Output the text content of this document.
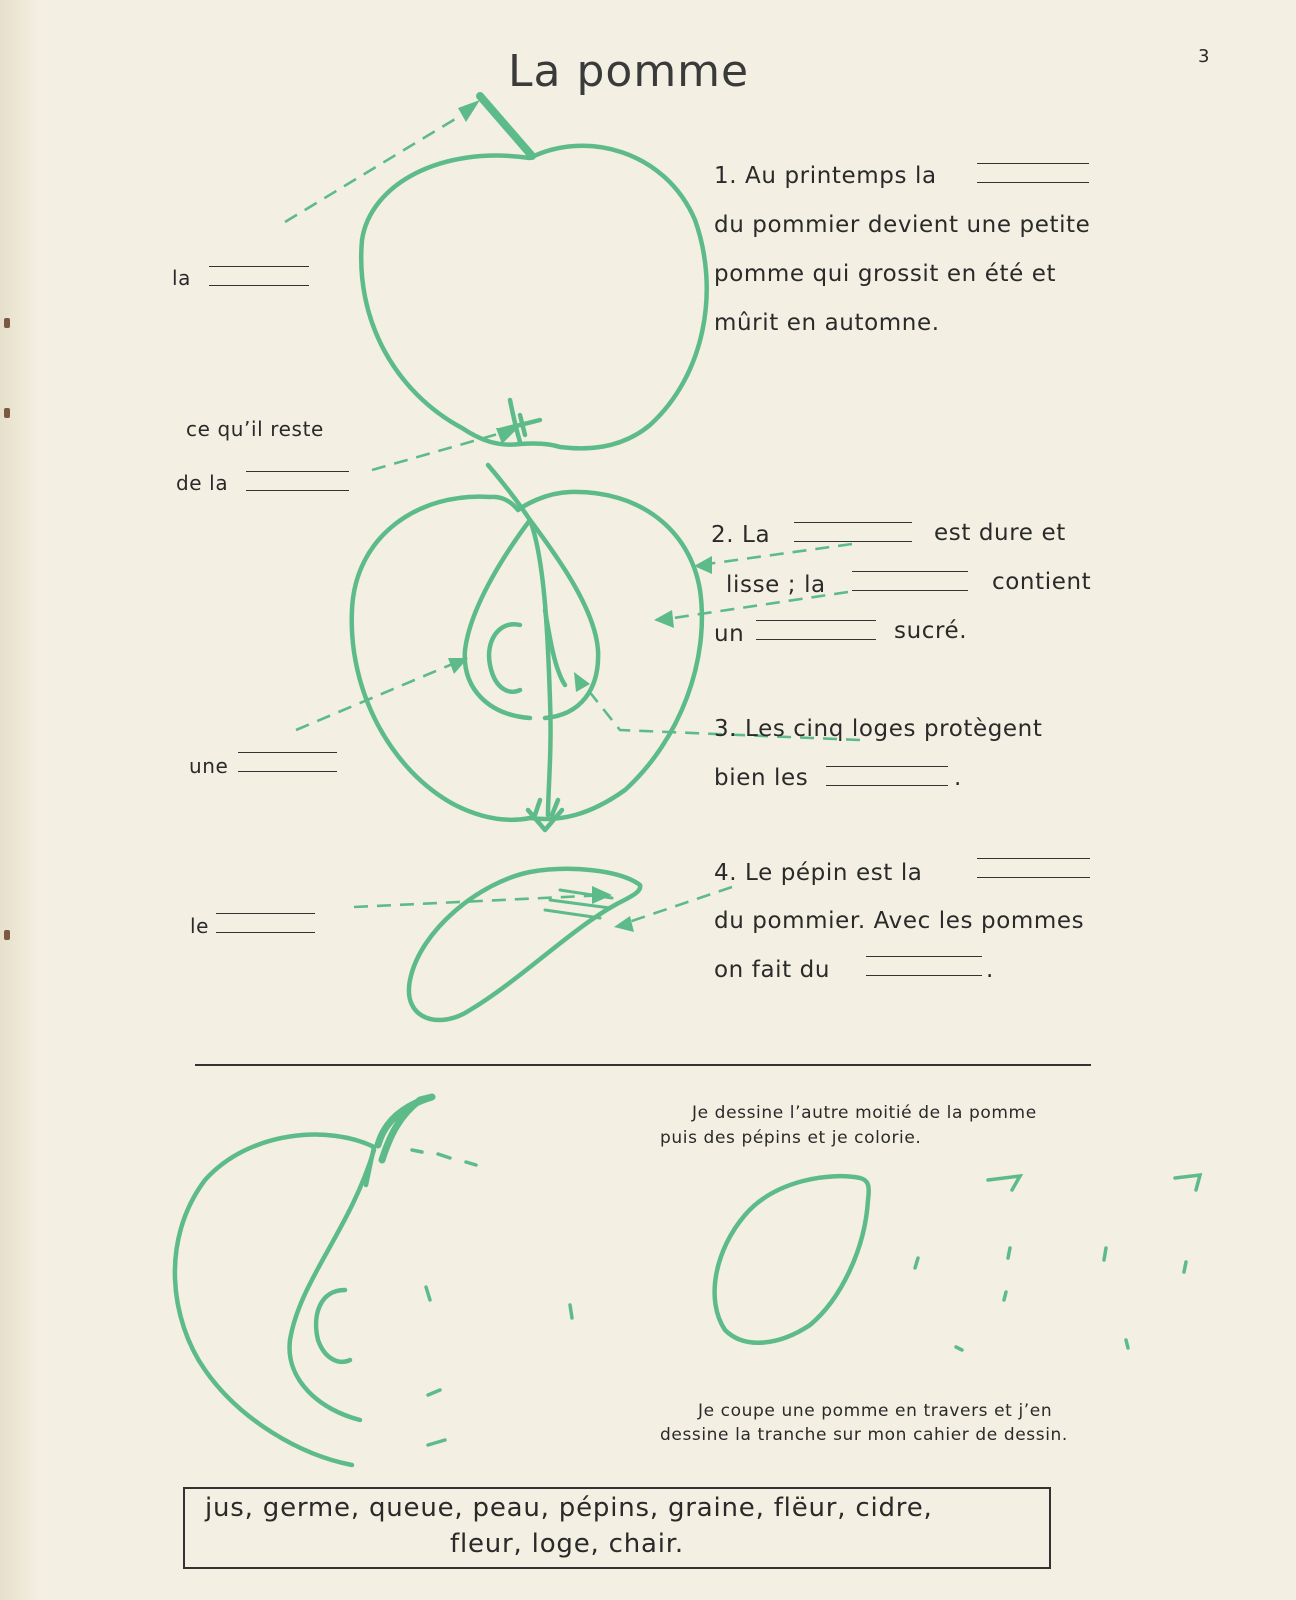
La pomme	3
la
ce qu’il reste
de la
une
le
1. Au printemps la
du pommier devient une petite
pomme qui grossit en été et
mûrit en automne.
2. La	est dure et
lisse ; la	contient
un	sucré.
3. Les cinq loges protègent
bien les	.
4. Le pépin est la
du pommier. Avec les pommes
on fait du	.
Je dessine l’autre moitié de la pomme
puis des pépins et je colorie.
Je coupe une pomme en travers et j’en
dessine la tranche sur mon cahier de dessin.
jus, germe, queue, peau, pépins, graine, flëur, cidre,
fleur, loge, chair.
